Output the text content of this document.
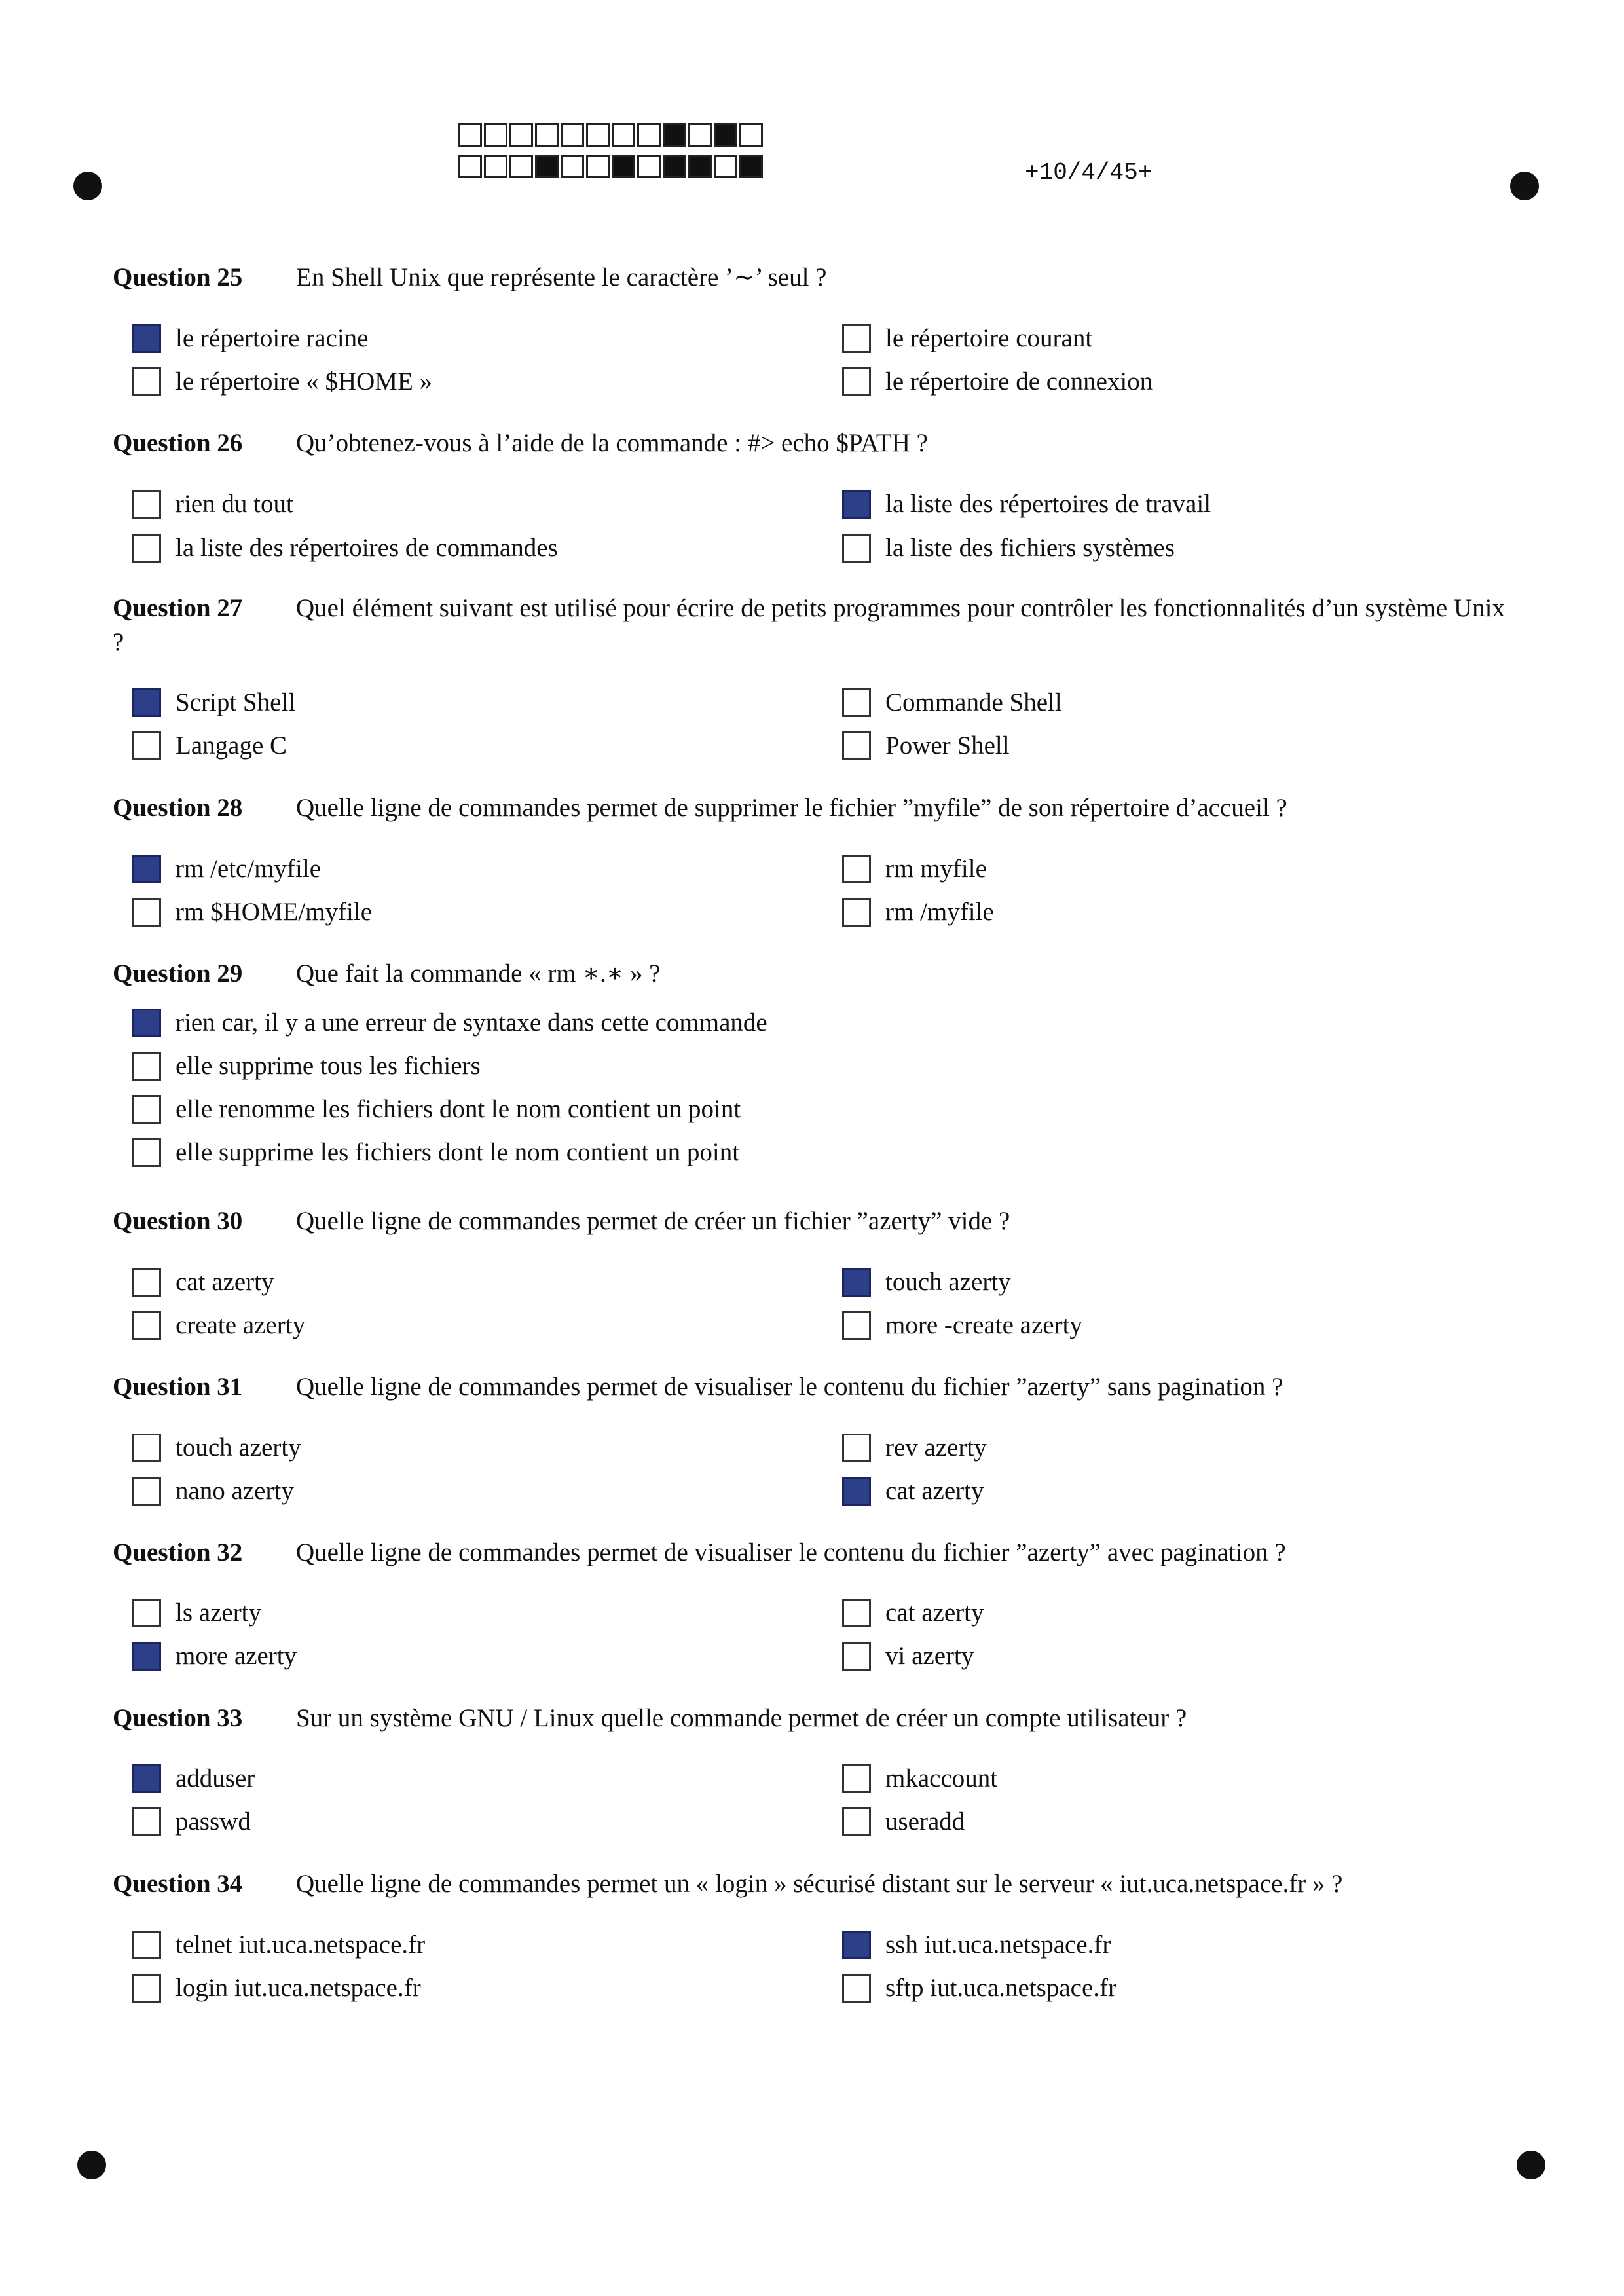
+10/4/45+
Question 25 En Shell Unix que représente le caractère ’∼’ seul ?
le répertoire racine	le répertoire courant
le répertoire « $HOME »	le répertoire de connexion
Question 26 Qu’obtenez-vous à l’aide de la commande : #> echo $PATH ?
rien du tout	la liste des répertoires de travail
la liste des répertoires de commandes	la liste des fichiers systèmes
Question 27 Quel élément suivant est utilisé pour écrire de petits programmes pour contrôler les fonctionnalités d’un système Unix ?
Script Shell	Commande Shell
Langage C	Power Shell
Question 28 Quelle ligne de commandes permet de supprimer le fichier ”myfile” de son répertoire d’accueil ?
rm /etc/myfile	rm myfile
rm $HOME/myfile	rm /myfile
Question 29 Que fait la commande « rm ∗.∗ » ?
rien car, il y a une erreur de syntaxe dans cette commande
elle supprime tous les fichiers
elle renomme les fichiers dont le nom contient un point
elle supprime les fichiers dont le nom contient un point
Question 30 Quelle ligne de commandes permet de créer un fichier ”azerty” vide ?
cat azerty	touch azerty
create azerty	more -create azerty
Question 31 Quelle ligne de commandes permet de visualiser le contenu du fichier ”azerty” sans pagination ?
touch azerty	rev azerty
nano azerty	cat azerty
Question 32 Quelle ligne de commandes permet de visualiser le contenu du fichier ”azerty” avec pagination ?
ls azerty	cat azerty
more azerty	vi azerty
Question 33 Sur un système GNU / Linux quelle commande permet de créer un compte utilisateur ?
adduser	mkaccount
passwd	useradd
Question 34 Quelle ligne de commandes permet un « login » sécurisé distant sur le serveur « iut.uca.netspace.fr » ?
telnet iut.uca.netspace.fr	ssh iut.uca.netspace.fr
login iut.uca.netspace.fr	sftp iut.uca.netspace.fr
